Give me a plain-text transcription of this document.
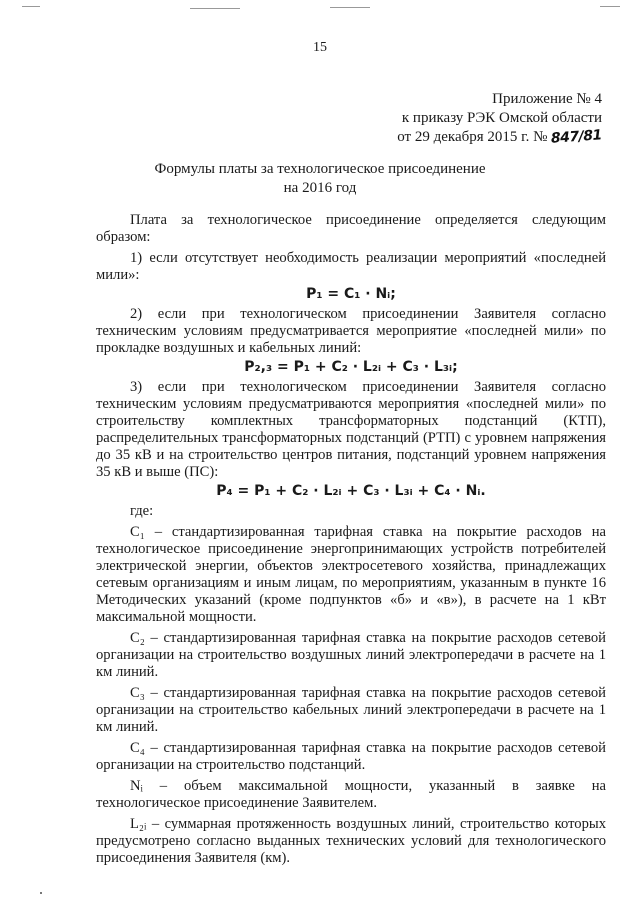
15
Приложение № 4
к приказу РЭК Омской области
от 29 декабря 2015 г. № 847/81
Формулы платы за технологическое присоединение
на 2016 год

Плата за технологическое присоединение определяется следующим образом:

1) если отсутствует необходимость реализации мероприятий «последней мили»:

P₁ = C₁ · Nᵢ;

2) если при технологическом присоединении Заявителя согласно техническим условиям предусматривается мероприятие «последней мили» по прокладке воздушных и кабельных линий:

P₂,₃ = P₁ + C₂ · L₂ᵢ + C₃ · L₃ᵢ;

3) если при технологическом присоединении Заявителя согласно техническим условиям предусматриваются мероприятия «последней мили» по строительству комплектных трансформаторных подстанций (КТП), распределительных трансформаторных подстанций (РТП) с уровнем напряжения до 35 кВ и на строительство центров питания, подстанций уровнем напряжения 35 кВ и выше (ПС):

P₄ = P₁ + C₂ · L₂ᵢ + C₃ · L₃ᵢ + C₄ · Nᵢ.

где:

C₁ – стандартизированная тарифная ставка на покрытие расходов на технологическое присоединение энергопринимающих устройств потребителей электрической энергии, объектов электросетевого хозяйства, принадлежащих сетевым организациям и иным лицам, по мероприятиям, указанным в пункте 16 Методических указаний (кроме подпунктов «б» и «в»), в расчете на 1 кВт максимальной мощности.

C₂ – стандартизированная тарифная ставка на покрытие расходов сетевой организации на строительство воздушных линий электропередачи в расчете на 1 км линий.

C₃ – стандартизированная тарифная ставка на покрытие расходов сетевой организации на строительство кабельных линий электропередачи в расчете на 1 км линий.

C₄ – стандартизированная тарифная ставка на покрытие расходов сетевой организации на строительство подстанций.

Nᵢ – объем максимальной мощности, указанный в заявке на технологическое присоединение Заявителем.

L₂ᵢ – суммарная протяженность воздушных линий, строительство которых предусмотрено согласно выданных технических условий для технологического присоединения Заявителя (км).
